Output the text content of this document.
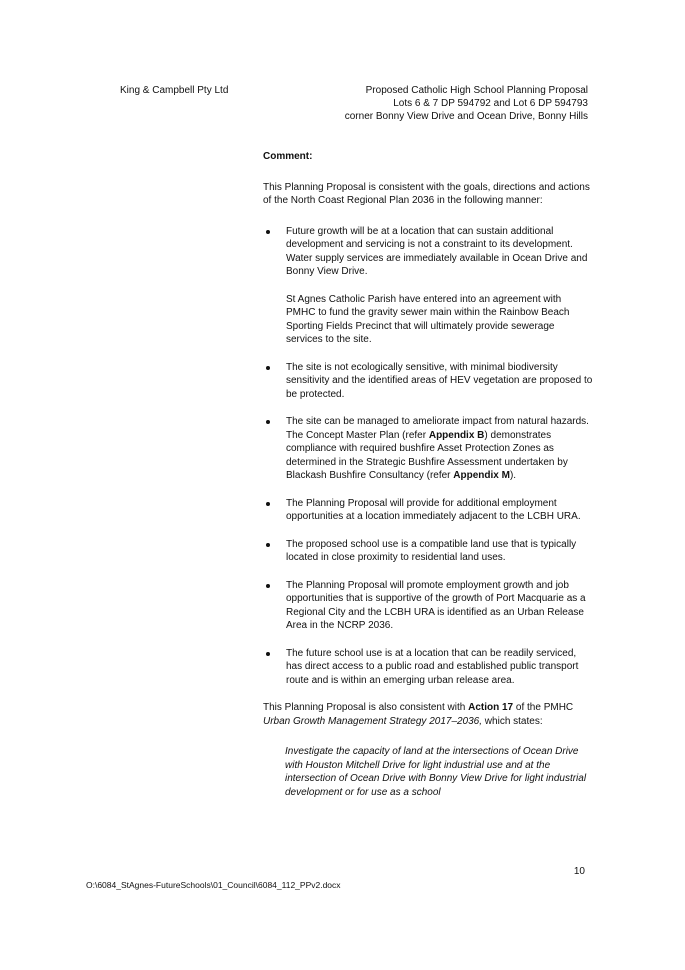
King & Campbell Pty Ltd	Proposed Catholic High School Planning Proposal
Lots 6 & 7 DP 594792 and Lot 6 DP 594793
corner Bonny View Drive and Ocean Drive, Bonny Hills
Comment:
This Planning Proposal is consistent with the goals, directions and actions of the North Coast Regional Plan 2036 in the following manner:
Future growth will be at a location that can sustain additional development and servicing is not a constraint to its development. Water supply services are immediately available in Ocean Drive and Bonny View Drive.
St Agnes Catholic Parish have entered into an agreement with PMHC to fund the gravity sewer main within the Rainbow Beach Sporting Fields Precinct that will ultimately provide sewerage services to the site.
The site is not ecologically sensitive, with minimal biodiversity sensitivity and the identified areas of HEV vegetation are proposed to be protected.
The site can be managed to ameliorate impact from natural hazards. The Concept Master Plan (refer Appendix B) demonstrates compliance with required bushfire Asset Protection Zones as determined in the Strategic Bushfire Assessment undertaken by Blackash Bushfire Consultancy (refer Appendix M).
The Planning Proposal will provide for additional employment opportunities at a location immediately adjacent to the LCBH URA.
The proposed school use is a compatible land use that is typically located in close proximity to residential land uses.
The Planning Proposal will promote employment growth and job opportunities that is supportive of the growth of Port Macquarie as a Regional City and the LCBH URA is identified as an Urban Release Area in the NCRP 2036.
The future school use is at a location that can be readily serviced, has direct access to a public road and established public transport route and is within an emerging urban release area.
This Planning Proposal is also consistent with Action 17 of the PMHC Urban Growth Management Strategy 2017–2036, which states:
Investigate the capacity of land at the intersections of Ocean Drive with Houston Mitchell Drive for light industrial use and at the intersection of Ocean Drive with Bonny View Drive for light industrial development or for use as a school
10
O:\6084_StAgnes-FutureSchools\01_Council\6084_112_PPv2.docx
